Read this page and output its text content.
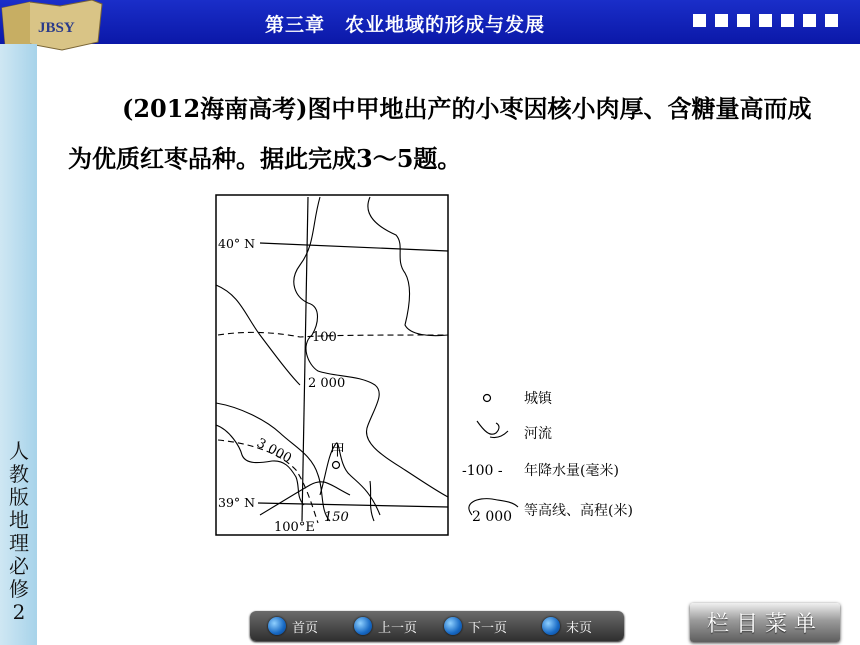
JBSY	第三章　农业地域的形成与发展
人教版地理必修2
(2012海南高考)图中甲地出产的小枣因核小肉厚、含糖量高而成为优质红枣品种。据此完成3～5题。
甲
40° N
39° N
100°E
100
2 000
3 000
150
城镇
河流
-100 - 年降水量(毫米)
2 000 等高线、高程(米)
首页	上一页	下一页	末页	栏目菜单
